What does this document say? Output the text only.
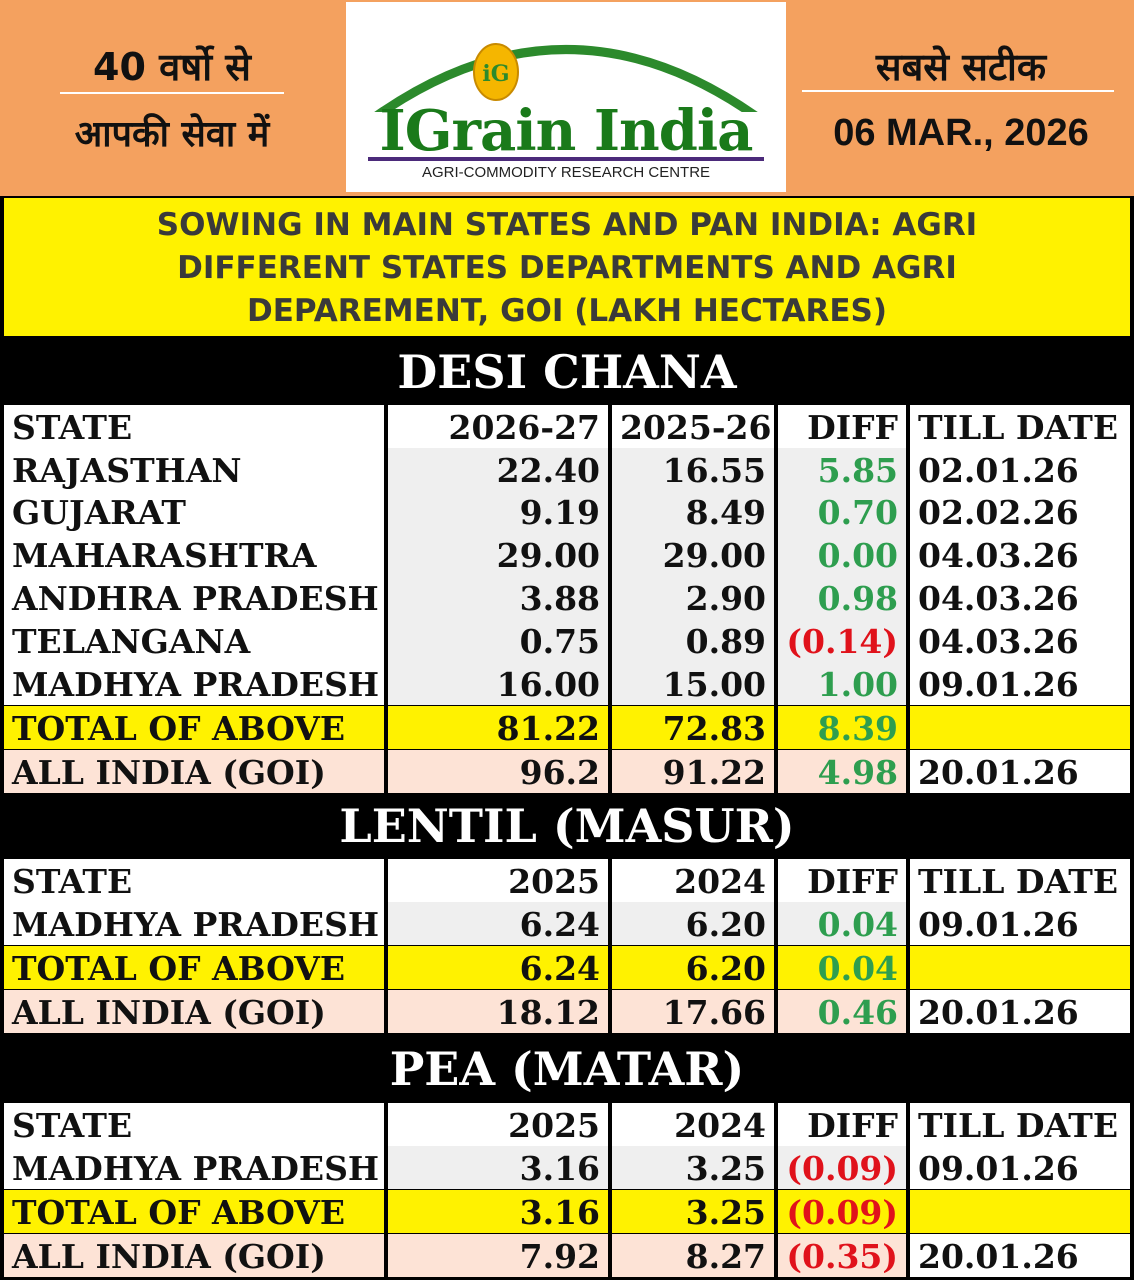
40 वर्षो से
आपकी सेवा में
iG
IGrain India
AGRI-COMMODITY RESEARCH CENTRE
सबसे सटीक
06 MAR., 2026
SOWING IN MAIN STATES AND PAN INDIA: AGRI
DIFFERENT STATES DEPARTMENTS AND AGRI
DEPAREMENT, GOI (LAKH HECTARES)
DESI CHANA
STATE	2026-27 2025-26	DIFF TILL DATE
RAJASTHAN	22.40	16.55	5.85 02.01.26
GUJARAT	9.19	8.49	0.70 02.02.26
MAHARASHTRA	29.00	29.00	0.00 04.03.26
ANDHRA PRADESH	3.88	2.90	0.98 04.03.26
TELANGANA	0.75	0.89 (0.14) 04.03.26
MADHYA PRADESH	16.00	15.00	1.00 09.01.26
TOTAL OF ABOVE	81.22	72.83	8.39
ALL INDIA (GOI)	96.2	91.22	4.98 20.01.26
LENTIL (MASUR)
STATE	2025	2024	DIFF TILL DATE
MADHYA PRADESH	6.24	6.20	0.04 09.01.26
TOTAL OF ABOVE	6.24	6.20	0.04
ALL INDIA (GOI)	18.12	17.66	0.46 20.01.26
PEA (MATAR)
STATE	2025	2024	DIFF TILL DATE
MADHYA PRADESH	3.16	3.25 (0.09) 09.01.26
TOTAL OF ABOVE	3.16	3.25 (0.09)
ALL INDIA (GOI)	7.92	8.27 (0.35) 20.01.26
